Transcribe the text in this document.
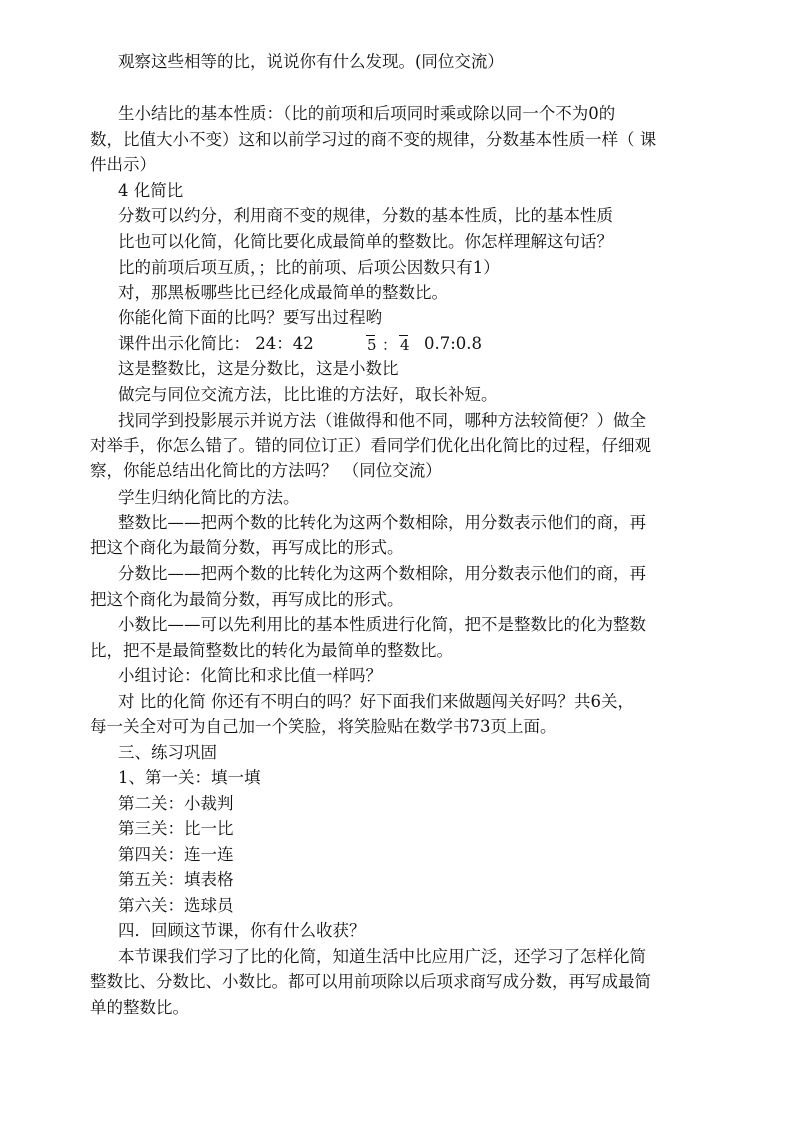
观察这些相等的比，说说你有什么发现。(同位交流）
生小结比的基本性质：（比的前项和后项同时乘或除以同一个不为0的
数，比值大小不变）这和以前学习过的商不变的规律，分数基本性质一样（ 课
件出示）
4 化简比
分数可以约分，利用商不变的规律，分数的基本性质，比的基本性质
比也可以化简，化简比要化成最简单的整数比。你怎样理解这句话？
比的前项后项互质，；比的前项、后项公因数只有1）
对，那黑板哪些比已经化成最简单的整数比。
你能化简下面的比吗？要写出过程哟
课件出示化简比： 24：42	5 ： 4 0.7:0.8
这是整数比，这是分数比，这是小数比
做完与同位交流方法，比比谁的方法好，取长补短。
找同学到投影展示并说方法（谁做得和他不同，哪种方法较简便？）做全
对举手，你怎么错了。错的同位订正）看同学们优化出化简比的过程，仔细观
察，你能总结出化简比的方法吗？ （同位交流）
学生归纳化简比的方法。
整数比——把两个数的比转化为这两个数相除，用分数表示他们的商，再
把这个商化为最简分数，再写成比的形式。
分数比——把两个数的比转化为这两个数相除，用分数表示他们的商，再
把这个商化为最简分数，再写成比的形式。
小数比——可以先利用比的基本性质进行化简，把不是整数比的化为整数
比，把不是最简整数比的转化为最简单的整数比。
小组讨论：化简比和求比值一样吗？
对 比的化简 你还有不明白的吗？好下面我们来做题闯关好吗？共6关，
每一关全对可为自己加一个笑脸，将笑脸贴在数学书73页上面。
三、练习巩固
1、第一关：填一填
第二关：小裁判
第三关：比一比
第四关：连一连
第五关：填表格
第六关：选球员
四．回顾这节课，你有什么收获？
本节课我们学习了比的化简，知道生活中比应用广泛，还学习了怎样化简
整数比、分数比、小数比。都可以用前项除以后项求商写成分数，再写成最简
单的整数比。
